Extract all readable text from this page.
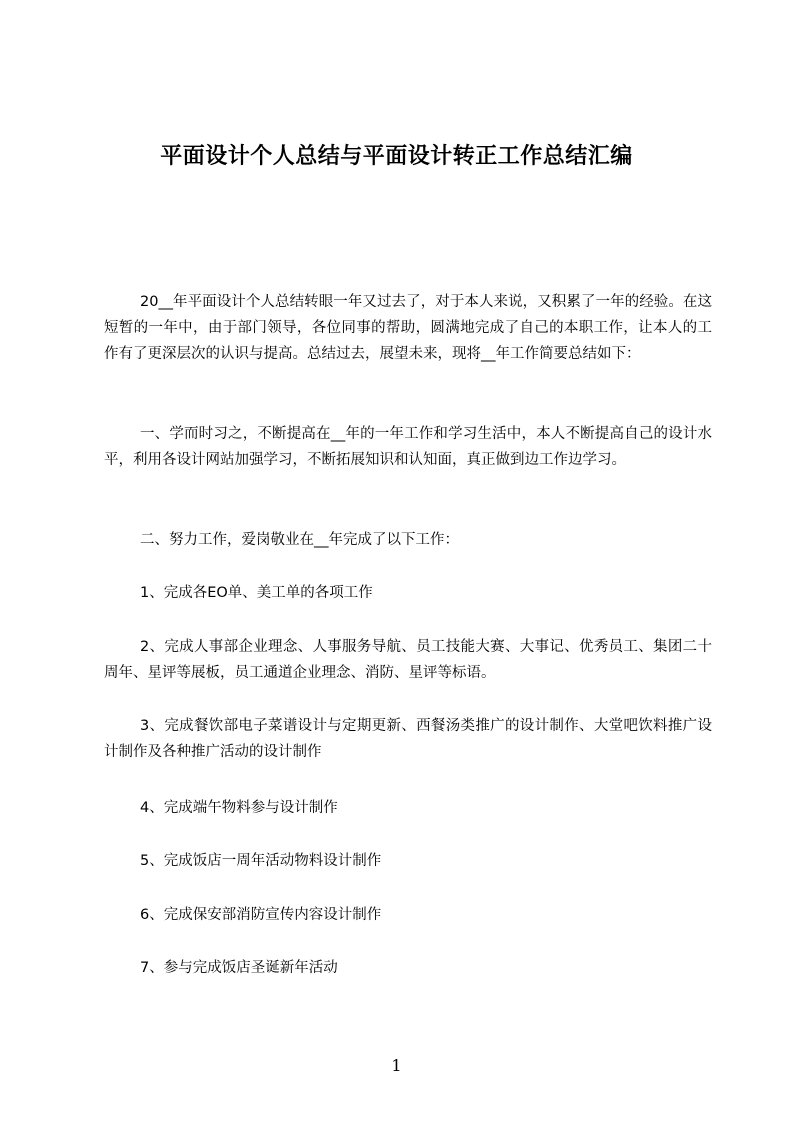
平面设计个人总结与平面设计转正工作总结汇编

20__年平面设计个人总结转眼一年又过去了，对于本人来说，又积累了一年的经验。在这短暂的一年中，由于部门领导，各位同事的帮助，圆满地完成了自己的本职工作，让本人的工作有了更深层次的认识与提高。总结过去，展望未来，现将__年工作简要总结如下：

一、学而时习之，不断提高在__年的一年工作和学习生活中，本人不断提高自己的设计水平，利用各设计网站加强学习，不断拓展知识和认知面，真正做到边工作边学习。

二、努力工作，爱岗敬业在__年完成了以下工作：

1、完成各EO单、美工单的各项工作

2、完成人事部企业理念、人事服务导航、员工技能大赛、大事记、优秀员工、集团二十周年、星评等展板，员工通道企业理念、消防、星评等标语。

3、完成餐饮部电子菜谱设计与定期更新、西餐汤类推广的设计制作、大堂吧饮料推广设计制作及各种推广活动的设计制作

4、完成端午物料参与设计制作

5、完成饭店一周年活动物料设计制作

6、完成保安部消防宣传内容设计制作

7、参与完成饭店圣诞新年活动

1
